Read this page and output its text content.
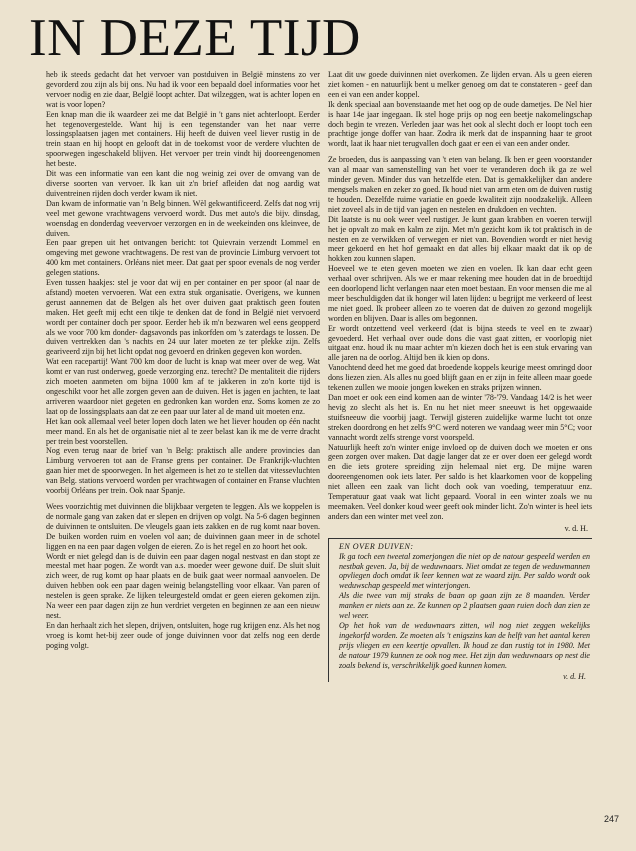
IN DEZE TIJD

heb ik steeds gedacht dat het vervoer van postduiven in België minstens zo ver gevorderd zou zijn als bij ons. Nu had ik voor een bepaald doel informaties voor het vervoer nodig en zie daar, België loopt achter. Dat wilzeggen, wat is achter lopen en wat is voor lopen?

Een knap man die ik waardeer zei me dat België in 't gans niet achterloopt. Eerder het tegenovergestelde. Want hij is een tegenstander van het naar verre lossingsplaatsen jagen met containers. Hij heeft de duiven veel liever rustig in de trein staan en hij hoopt en gelooft dat in de toekomst voor de verdere vluchten de spoorwegen ingeschakeld blijven. Het vervoer per trein vindt hij dooreengenomen het beste.

Dit was een informatie van een kant die nog weinig zei over de omvang van de diverse soorten van vervoer. Ik kan uit z'n brief afleiden dat nog aardig wat duiventreinen rijden doch verder kwam ik niet.

Dan kwam de informatie van 'n Belg binnen. Wèl gekwantificeerd. Zelfs dat nog vrij veel met gewone vrachtwagens vervoerd wordt. Dus met auto's die bijv. dinsdag, woensdag en donderdag veevervoer verzorgen en in de weekeinden ons kleinvee, de duiven.

Een paar grepen uit het ontvangen bericht: tot Quievrain verzendt Lommel en omgeving met gewone vrachtwagens. De rest van de provincie Limburg vervoert tot 400 km met containers. Orléans niet meer. Dat gaat per spoor evenals de nog verder gelegen stations.

Even tussen haakjes: stel je voor dat wij en per container en per spoor (al naar de afstand) moeten vervoeren. Wat een extra stuk organisatie. Overigens, we kunnen gerust aannemen dat de Belgen als het over duiven gaat praktisch geen fouten maken. Het geeft mij echt een tikje te denken dat de fond in België niet vervoerd wordt per container doch per spoor. Eerder heb ik m'n bezwaren wel eens geopperd als we voor 700 km donder- dagsavonds pas inkorfden om 's zaterdags te lossen. De duiven vertrekken dan 's nachts en 24 uur later moeten ze ter plekke zijn. Zelfs geariveerd zijn bij het licht opdat nog gevoerd en drinken gegeven kon worden.

Wat een racepartij! Want 700 km door de lucht is knap wat meer over de weg. Wat komt er van rust onderweg, goede verzorging enz. terecht? De mentaliteit die rijders zich moeten aanmeten om bijna 1000 km af te jakkeren in zo'n korte tijd is ongeschikt voor het alle zorgen geven aan de duiven. Het is jagen en jachten, te laat arriveren waardoor niet gegeten en gedronken kan worden enz. Soms komen ze zo laat op de lossingsplaats aan dat ze een paar uur later al de mand uit moeten enz.

Het kan ook allemaal veel beter lopen doch laten we het liever houden op één nacht meer mand. En als het de organisatie niet al te zeer belast kan ik me de verre dracht per trein best voorstellen.

Nog even terug naar de brief van 'n Belg: praktisch alle andere provincies dan Limburg vervoeren tot aan de Franse grens per container. De Frankrijk-vluchten gaan hier met de spoorwegen. In het algemeen is het zo te stellen dat vitessevluchten van Belg. stations vervoerd worden per vrachtwagen of container en Franse vluchten voorbij Orléans per trein. Ook naar Spanje.

Wees voorzichtig met duivinnen die blijkbaar vergeten te leggen. Als we koppelen is de normale gang van zaken dat er slepen en drijven op volgt. Na 5-6 dagen beginnen de duivinnen te ontsluiten. De vleugels gaan iets zakken en de rug komt naar boven. De buiken worden ruim en voelen vol aan; de duivinnen gaan meer in de schotel liggen en na een paar dagen volgen de eieren. Zo is het regel en zo hoort het ook.

Wordt er niet gelegd dan is de duivin een paar dagen nogal nestvast en dan stopt ze meestal met haar pogen. Ze wordt van a.s. moeder weer gewone duif. De sluit sluit zich weer, de rug komt op haar plaats en de buik gaat weer normaal aanvoelen. De duiven hebben ook een paar dagen weinig belangstelling voor elkaar. Van paren of nestelen is geen sprake. Ze lijken teleurgesteld omdat er geen eieren gekomen zijn. Na weer een paar dagen zijn ze hun verdriet vergeten en beginnen ze aan een nieuw nest.

En dan herhaalt zich het slepen, drijven, ontsluiten, hoge rug krijgen enz. Als het nog vroeg is komt het-bij zeer oude of jonge duivinnen voor dat zelfs nog een derde poging volgt.

Laat dit uw goede duivinnen niet overkomen. Ze lijden ervan. Als u geen eieren ziet komen - en natuurlijk bent u melker genoeg om dat te constateren - geef dan een ei van een ander koppel.

Ik denk speciaal aan bovenstaande met het oog op de oude dametjes. De Nel hier is haar 14e jaar ingegaan. Ik stel hoge prijs op nog een beetje nakomelingschap doch begin te vrezen. Verleden jaar was het ook al slecht doch er loopt toch een prachtige jonge doffer van haar. Zodra ik merk dat de inspanning haar te groot wordt, laat ik haar niet terugvallen doch gaat er een ei van een ander onder.

Ze broeden, dus is aanpassing van 't eten van belang. Ik ben er geen voorstander van al maar van samenstelling van het voer te veranderen doch ik ga ze wel minder geven. Minder dus van hetzelfde eten. Dat is gemakkelijker dan andere mengsels maken en zeker zo goed. Ik houd niet van arm eten om de duiven rustig te houden. Dezelfde ruime variatie en goede kwaliteit zijn noodzakelijk. Alleen niet zoveel als in de tijd van jagen en nestelen en drukdoen en vechten.

Dit laatste is nu ook weer veel rustiger. Je kunt gaan krabben en voeren terwijl het je opvalt zo mak en kalm ze zijn. Met m'n gezicht kom ik tot praktisch in de nesten en ze verwikken of verwegen er niet van. Bovendien wordt er niet hevig meer gekoerd en het hof gemaakt en dat alles bij elkaar maakt dat ik op de hokken zou kunnen slapen.

Hoeveel we te eten geven moeten we zien en voelen. Ik kan daar echt geen verhaal over schrijven. Als we er maar rekening mee houden dat in de broedtijd een doorlopend licht verlangen naar eten moet bestaan. En voor mensen die me al meer beschuldigden dat ik honger wil laten lijden: u begrijpt me verkeerd of leest me niet goed. Ik probeer alleen zo te voeren dat de duiven zo gezond mogelijk worden en blijven. Daar is alles om begonnen.

Er wordt ontzettend veel verkeerd (dat is bijna steeds te veel en te zwaar) gevoederd. Het verhaal over oude dons die vast gaat zitten, er voorlopig niet uitgaat enz. houd ik nu maar achter m'n kiezen doch het is een stuk ervaring van alle jaren na de oorlog. Altijd ben ik kien op dons.

Vanochtend deed het me goed dat broedende koppels keurige meest omringd door dons liezen zien. Als alles nu goed blijft gaan en er zijn in feite alleen maar goede tekenen zullen we mooie jongen kweken en straks prijzen winnen.

Dan moet er ook een eind komen aan de winter '78-'79. Vandaag 14/2 is het weer hevig zo slecht als het is. En nu het niet meer sneeuwt is het opgewaaide stuifsneeuw die voorbij jaagt. Terwijl gisteren zuidelijke warme lucht tot onze streken doordrong en het zelfs 9°C werd noteren we vandaag weer min 5°C; voor vannacht wordt zelfs strenge vorst voorspeld.

Natuurlijk heeft zo'n winter enige invloed op de duiven doch we moeten er ons geen zorgen over maken. Dat dagje langer dat ze er over doen eer gelegd wordt en die iets grotere spreiding zijn helemaal niet erg. De mijne waren dooreengenomen ook iets later. Per saldo is het klaarkomen voor de koppeling niet alleen een zaak van licht doch ook van voeding, temperatuur enz. Temperatuur gaat vaak wat licht gepaard. Vooral in een winter zoals we nu meemaken. Veel donker koud weer geeft ook minder licht. Zo'n winter is heel iets anders dan een winter met veel zon.

v. d. H.
EN OVER DUIVEN:

Ik ga toch een tweetal zomerjongen die niet op de natour gespeeld werden en nestbak geven. Ja, bij de weduwnaars. Niet omdat ze tegen de weduwmannen opvliegen doch omdat ik leer kennen wat ze waard zijn. Per saldo wordt ook weduwschap gespeeld met winterjongen.

Als die twee van mij straks de baan op gaan zijn ze 8 maanden. Verder manken er niets aan ze. Ze kunnen op 2 plaatsen gaan ruien doch dan zien ze wel weer.

Op het hok van de weduwnaars zitten, wil nog niet zeggen wekelijks ingekorfd worden. Ze moeten als 't enigszins kan de helft van het aantal keren prijs vliegen en een keertje opvallen. Ik houd ze dan rustig tot in 1980. Met de natour 1979 kunnen ze ook nog mee. Het zijn dan weduwnaars op nest die zoals bekend is, verschrikkelijk goed kunnen komen.

v. d. H.
247
